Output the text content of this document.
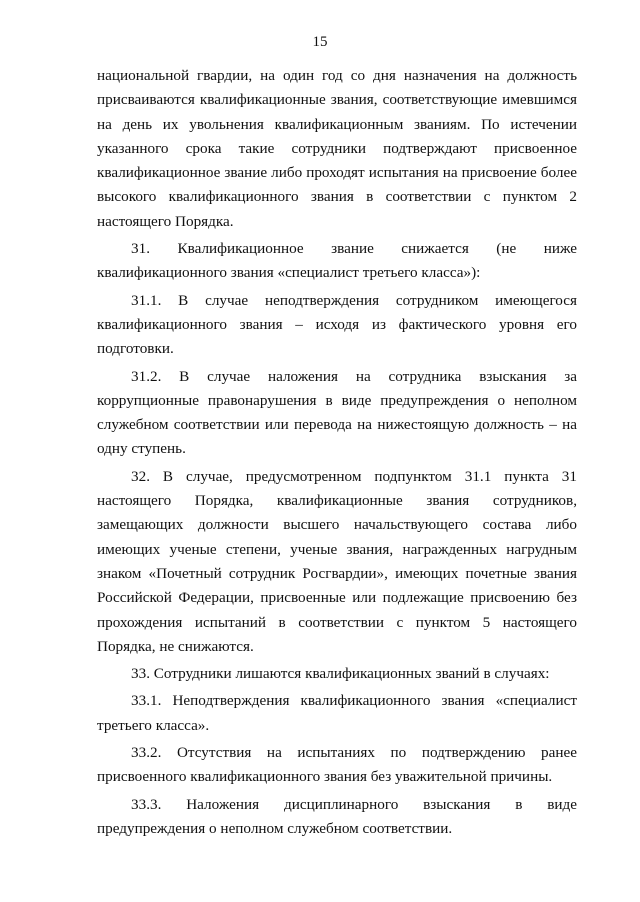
15

национальной гвардии, на один год со дня назначения на должность присваиваются квалификационные звания, соответствующие имевшимся на день их увольнения квалификационным званиям. По истечении указанного срока такие сотрудники подтверждают присвоенное квалификационное звание либо проходят испытания на присвоение более высокого квалификационного звания в соответствии с пунктом 2 настоящего Порядка.

31. Квалификационное звание снижается (не ниже квалификационного звания «специалист третьего класса»):

31.1. В случае неподтверждения сотрудником имеющегося квалификационного звания – исходя из фактического уровня его подготовки.

31.2. В случае наложения на сотрудника взыскания за коррупционные правонарушения в виде предупреждения о неполном служебном соответствии или перевода на нижестоящую должность – на одну ступень.

32. В случае, предусмотренном подпунктом 31.1 пункта 31 настоящего Порядка, квалификационные звания сотрудников, замещающих должности высшего начальствующего состава либо имеющих ученые степени, ученые звания, награжденных нагрудным знаком «Почетный сотрудник Росгвардии», имеющих почетные звания Российской Федерации, присвоенные или подлежащие присвоению без прохождения испытаний в соответствии с пунктом 5 настоящего Порядка, не снижаются.

33. Сотрудники лишаются квалификационных званий в случаях:

33.1. Неподтверждения квалификационного звания «специалист третьего класса».

33.2. Отсутствия на испытаниях по подтверждению ранее присвоенного квалификационного звания без уважительной причины.

33.3. Наложения дисциплинарного взыскания в виде предупреждения о неполном служебном соответствии.
